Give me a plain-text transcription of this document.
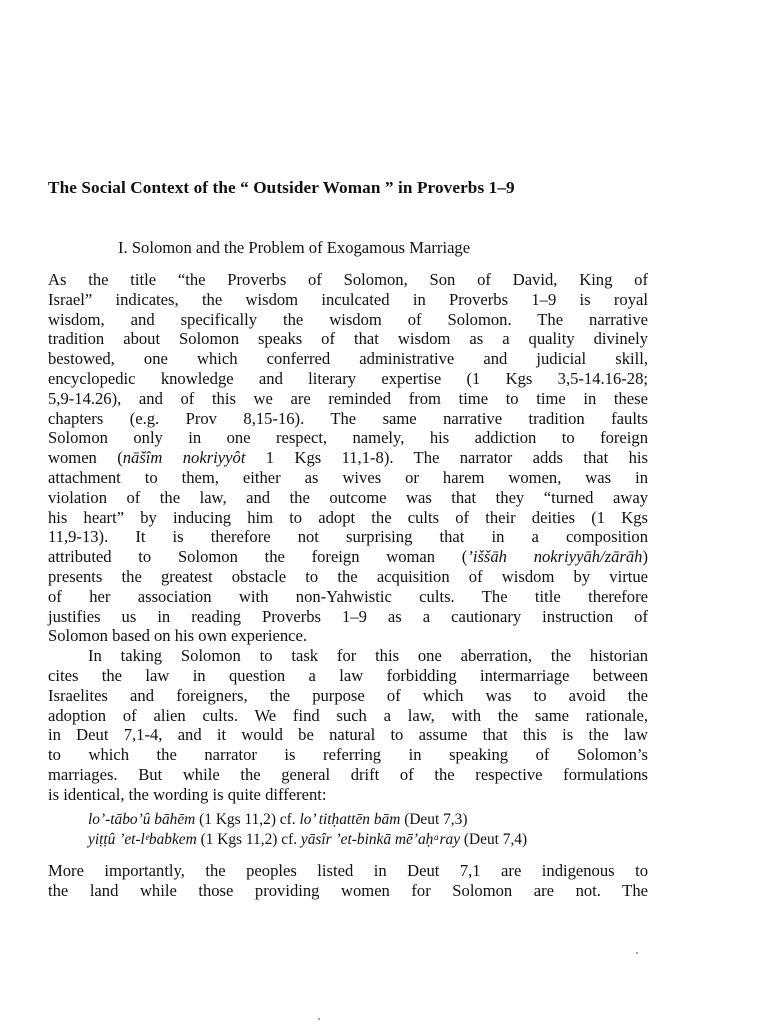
The Social Context of the “ Outsider Woman ” in Proverbs 1–9
I. Solomon and the Problem of Exogamous Marriage
As the title “the Proverbs of Solomon, Son of David, King of
Israel” indicates, the wisdom inculcated in Proverbs 1–9 is royal
wisdom, and specifically the wisdom of Solomon. The narrative
tradition about Solomon speaks of that wisdom as a quality divinely
bestowed, one which conferred administrative and judicial skill,
encyclopedic knowledge and literary expertise (1 Kgs 3,5-14.16-28;
5,9-14.26), and of this we are reminded from time to time in these
chapters (e.g. Prov 8,15-16). The same narrative tradition faults
Solomon only in one respect, namely, his addiction to foreign
women (nāšîm nokriyyôt 1 Kgs 11,1-8). The narrator adds that his
attachment to them, either as wives or harem women, was in
violation of the law, and the outcome was that they “turned away
his heart” by inducing him to adopt the cults of their deities (1 Kgs
11,9-13). It is therefore not surprising that in a composition
attributed to Solomon the foreign woman (’iššāh nokriyyāh/zārāh)
presents the greatest obstacle to the acquisition of wisdom by virtue
of her association with non-Yahwistic cults. The title therefore
justifies us in reading Proverbs 1–9 as a cautionary instruction of
Solomon based on his own experience.
In taking Solomon to task for this one aberration, the historian
cites the law in question a law forbidding intermarriage between
Israelites and foreigners, the purpose of which was to avoid the
adoption of alien cults. We find such a law, with the same rationale,
in Deut 7,1-4, and it would be natural to assume that this is the law
to which the narrator is referring in speaking of Solomon’s
marriages. But while the general drift of the respective formulations
is identical, the wording is quite different:
lo’-tābo’û bāhēm (1 Kgs 11,2) cf. lo’ titḥattēn bām (Deut 7,3)
yiṭṭû ’et-lᵉbabkem (1 Kgs 11,2) cf. yāsîr ’et-binkā mē’aḥᵃray (Deut 7,4)
More importantly, the peoples listed in Deut 7,1 are indigenous to
the land while those providing women for Solomon are not. The
